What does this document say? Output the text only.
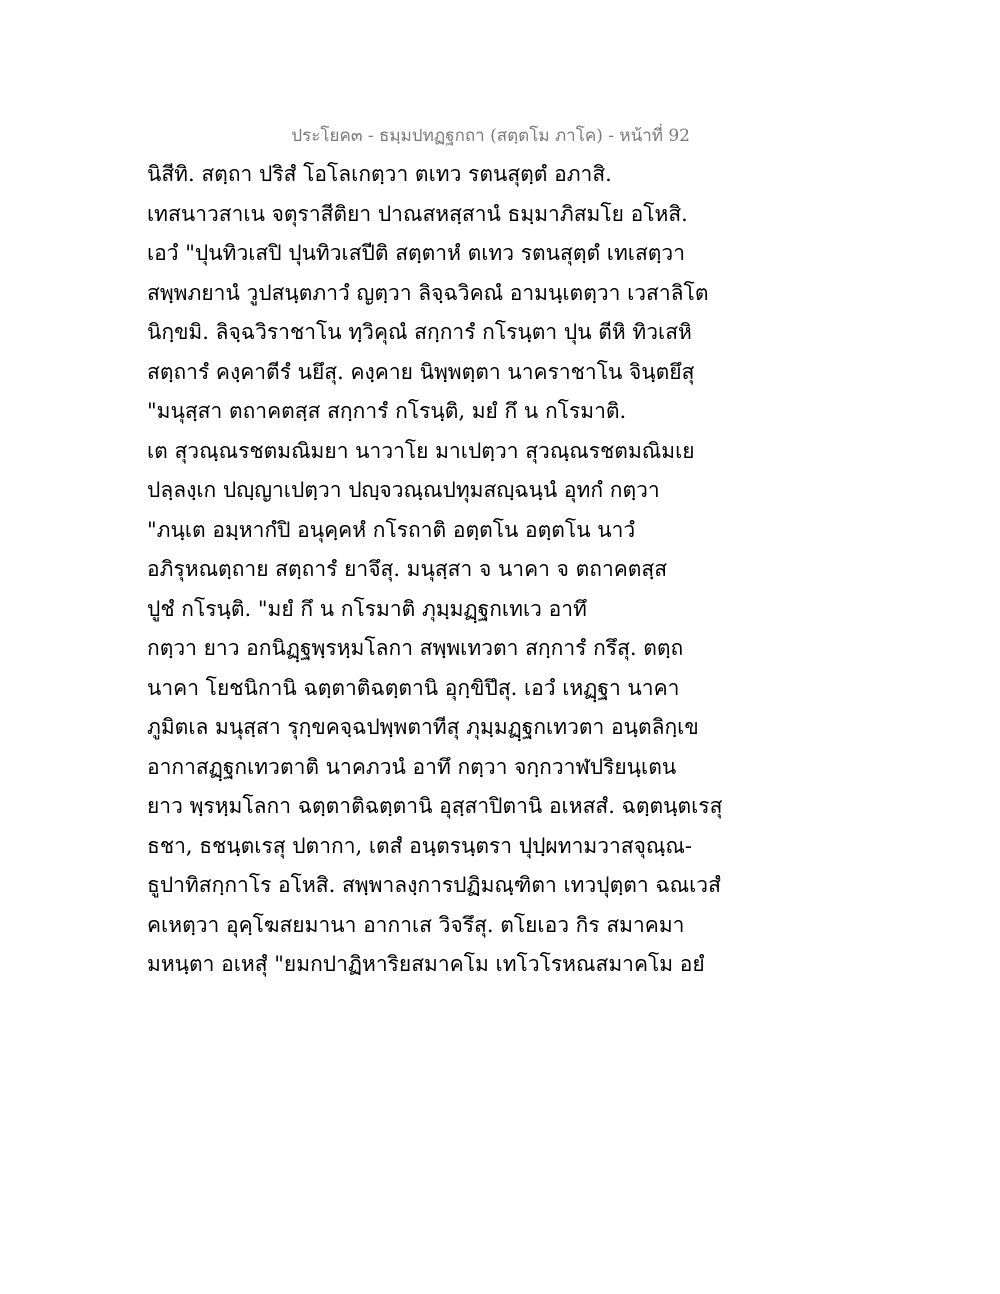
ประโยค๓ - ธมฺมปทฏฐกถา (สตฺตโม ภาโค) - หน้าที่ 92
นิสีทิ. สตฺถา ปริสํ โอโลเกตฺวา ตเทว รตนสุตฺตํ อภาสิ.
เทสนาวสาเน จตุราสีติยา ปาณสหสฺสานํ ธมฺมาภิสมโย อโหสิ.
เอวํ "ปุนทิวเสปิ ปุนทิวเสปีติ สตฺตาหํ ตเทว รตนสุตฺตํ เทเสตฺวา
สพฺพภยานํ วูปสนฺตภาวํ ญตฺวา ลิจฺฉวิคณํ อามนฺเตตฺวา เวสาลิโต
นิกฺขมิ. ลิจฺฉวิราชาโน ทฺวิคุณํ สกฺการํ กโรนฺตา ปุน ตีหิ ทิวเสหิ
สตฺถารํ คงฺคาตีรํ นยึสุ. คงฺคาย นิพฺพตฺตา นาคราชาโน จินฺตยึสุ
"มนุสฺสา ตถาคตสฺส สกฺการํ กโรนฺติ, มยํ กึ น กโรมาติ.
เต สุวณฺณรชตมณิมยา นาวาโย มาเปตฺวา สุวณฺณรชตมณิมเย
ปลฺลงฺเก ปญฺญาเปตฺวา ปญฺจวณฺณปทุมสญฺฉนฺนํ อุทกํ กตฺวา
"ภนฺเต อมฺหากํปิ อนุคฺคหํ กโรถาติ อตฺตโน อตฺตโน นาวํ
อภิรุหณตฺถาย สตฺถารํ ยาจึสุ. มนุสฺสา จ นาคา จ ตถาคตสฺส
ปูชํ กโรนฺติ. "มยํ กึ น กโรมาติ ภุมฺมฏฺฐกเทเว อาทึ
กตฺวา ยาว อกนิฏฺฐพฺรหฺมโลกา สพฺพเทวตา สกฺการํ กรึสุ. ตตฺถ
นาคา โยชนิกานิ ฉตฺตาติฉตฺตานิ อุกฺขิปึสุ. เอวํ เหฏฺฐา นาคา
ภูมิตเล มนุสฺสา รุกฺขคจฺฉปพฺพตาทีสุ ภุมฺมฏฺฐกเทวตา อนฺตลิกฺเข
อากาสฏฺฐกเทวตาติ นาคภวนํ อาทึ กตฺวา จกฺกวาฬปริยนฺเตน
ยาว พฺรหฺมโลกา ฉตฺตาติฉตฺตานิ อุสฺสาปิตานิ อเหสสํ. ฉตฺตนฺตเรสุ
ธชา, ธชนฺตเรสุ ปตากา, เตสํ อนฺตรนฺตรา ปุปฺผทามวาสจุณฺณ-
ธูปาทิสกฺกาโร อโหสิ. สพฺพาลงฺการปฏิมณฺฑิตา เทวปุตฺตา ฉณเวสํ
คเหตฺวา อุคฺโฆสยมานา อากาเส วิจรึสุ. ตโยเอว กิร สมาคมา
มหนฺตา อเหสุํ "ยมกปาฏิหาริยสมาคโม เทโวโรหณสมาคโม อยํ
